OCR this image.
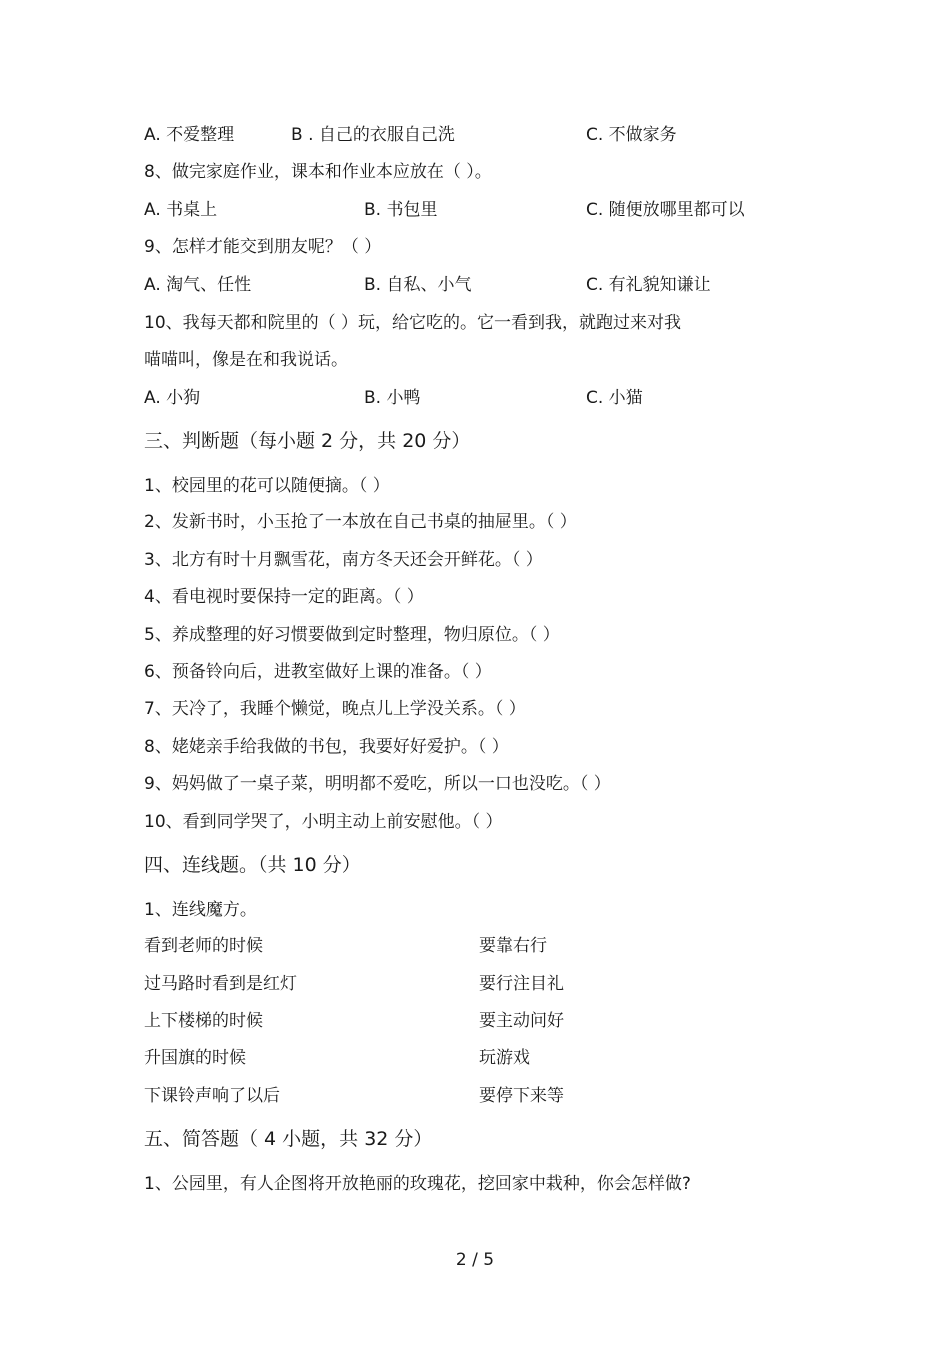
A. 不爱整理	B . 自己的衣服自己洗	C. 不做家务
8、做完家庭作业，课本和作业本应放在（ ）。
A. 书桌上	B. 书包里	C. 随便放哪里都可以
9、怎样才能交到朋友呢？（ ）
A. 淘气、任性	B. 自私、小气	C. 有礼貌知谦让
10、我每天都和院里的（ ）玩，给它吃的。它一看到我，就跑过来对我
喵喵叫，像是在和我说话。
A. 小狗	B. 小鸭	C. 小猫
三、判断题（每小题 2 分，共 20 分）
1、校园里的花可以随便摘。（ ）
2、发新书时，小玉抢了一本放在自己书桌的抽屉里。（ ）
3、北方有时十月飘雪花，南方冬天还会开鲜花。（ ）
4、看电视时要保持一定的距离。（ ）
5、养成整理的好习惯要做到定时整理，物归原位。（ ）
6、预备铃向后，进教室做好上课的准备。（ ）
7、天冷了，我睡个懒觉，晚点儿上学没关系。（ ）
8、姥姥亲手给我做的书包，我要好好爱护。（ ）
9、妈妈做了一桌子菜，明明都不爱吃，所以一口也没吃。（ ）
10、看到同学哭了，小明主动上前安慰他。（ ）
四、连线题。（共 10 分）
1、连线魔方。
看到老师的时候	要靠右行
过马路时看到是红灯	要行注目礼
上下楼梯的时候	要主动问好
升国旗的时候	玩游戏
下课铃声响了以后	要停下来等
五、简答题（ 4 小题，共 32 分）
1、公园里，有人企图将开放艳丽的玫瑰花，挖回家中栽种，你会怎样做?
2 / 5
